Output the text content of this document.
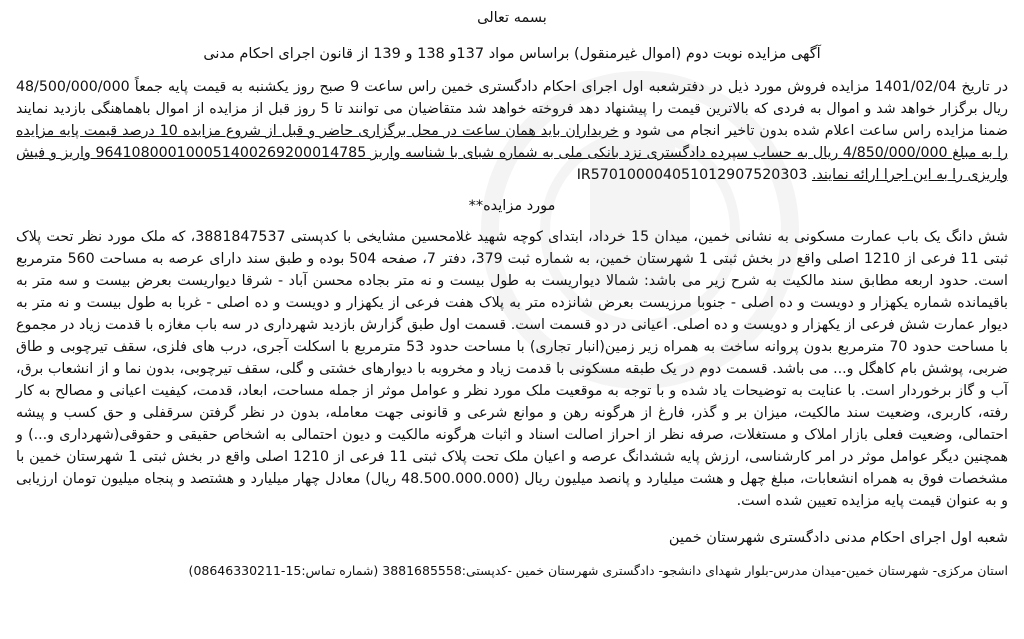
بسمه تعالی
آگهی مزایده نوبت دوم (اموال غیرمنقول) براساس مواد 137و 138 و 139 از قانون اجرای احکام مدنی

در تاریخ 1401/02/04 مزایده فروش مورد ذیل در دفترشعبه اول اجرای احکام دادگستری خمین راس ساعت 9 صبح روز یکشنبه به قیمت پایه جمعاً 48/500/000/000 ریال برگزار خواهد شد و اموال به فردی که بالاترین قیمت را پیشنهاد دهد فروخته خواهد شد متقاضیان می توانند تا 5 روز قبل از مزایده از اموال باهماهنگی بازدید نمایند ضمنا مزایده راس ساعت اعلام شده بدون تاخیر انجام می شود و خریداران باید همان ساعت در محل برگزاری حاضر و قبل از شروع مزایده 10 درصد قیمت پایه مزایده را به مبلغ 4/850/000/000 ریال به حساب سپرده دادگستری نزد بانکی ملی به شماره شبای با شناسه واریز 964108000100051400269200014785 واریز و فیش واریزی را به این اجرا ارائه نمایند. IR570100004051012907520303

مورد مزایده**

شش دانگ یک باب عمارت مسکونی به نشانی خمین، میدان 15 خرداد، ابتدای کوچه شهید غلامحسین مشایخی با کدپستی 3881847537، که ملک مورد نظر تحت پلاک ثبتی 11 فرعی از 1210 اصلی واقع در بخش ثبتی 1 شهرستان خمین، به شماره ثبت 379، دفتر 7، صفحه 504 بوده و طبق سند دارای عرصه به مساحت 560 مترمربع است. حدود اربعه مطابق سند مالکیت به شرح زیر می باشد: شمالا دیواریست به طول بیست و نه متر بجاده محسن آباد - شرقا دیواریست بعرض بیست و سه متر به باقیمانده شماره یکهزار و دویست و ده اصلی - جنوبا مرزیست بعرض شانزده متر به پلاک هفت فرعی از یکهزار و دویست و ده اصلی - غربا به طول بیست و نه متر به دیوار عمارت شش فرعی از یکهزار و دویست و ده اصلی. اعیانی در دو قسمت است. قسمت اول طبق گزارش بازدید شهرداری در سه باب مغازه با قدمت زیاد در مجموع با مساحت حدود 70 مترمربع بدون پروانه ساخت به همراه زیر زمین(انبار تجاری) با مساحت حدود 53 مترمربع با اسکلت آجری، درب های فلزی، سقف تیرچوبی و طاق ضربی، پوشش بام کاهگل و... می باشد. قسمت دوم در یک طبقه مسکونی با قدمت زیاد و مخروبه با دیوارهای خشتی و گلی، سقف تیرچوبی، بدون نما و از انشعاب برق، آب و گاز برخوردار است. با عنایت به توضیحات یاد شده و با توجه به موقعیت ملک مورد نظر و عوامل موثر از جمله مساحت، ابعاد، قدمت، کیفیت اعیانی و مصالح به کار رفته، کاربری، وضعیت سند مالکیت، میزان بر و گذر، فارغ از هرگونه رهن و موانع شرعی و قانونی جهت معامله، بدون در نظر گرفتن سرقفلی و حق کسب و پیشه احتمالی، وضعیت فعلی بازار املاک و مستغلات، صرفه نظر از احراز اصالت اسناد و اثبات هرگونه مالکیت و دیون احتمالی به اشخاص حقیقی و حقوقی(شهرداری و...) و همچنین دیگر عوامل موثر در امر کارشناسی، ارزش پایه ششدانگ عرصه و اعیان ملک تحت پلاک ثبتی 11 فرعی از 1210 اصلی واقع در بخش ثبتی 1 شهرستان خمین با مشخصات فوق به همراه انشعابات، مبلغ چهل و هشت میلیارد و پانصد میلیون ریال (48.500.000.000 ریال) معادل چهار میلیارد و هشتصد و پنجاه میلیون تومان ارزیابی و به عنوان قیمت پایه مزایده تعیین شده است.

شعبه اول اجرای احکام مدنی دادگستری شهرستان خمین
استان مرکزی- شهرستان خمین-میدان مدرس-بلوار شهدای دانشجو- دادگستری شهرستان خمین -کدپستی:3881685558 (شماره تماس:15-08646330211)
